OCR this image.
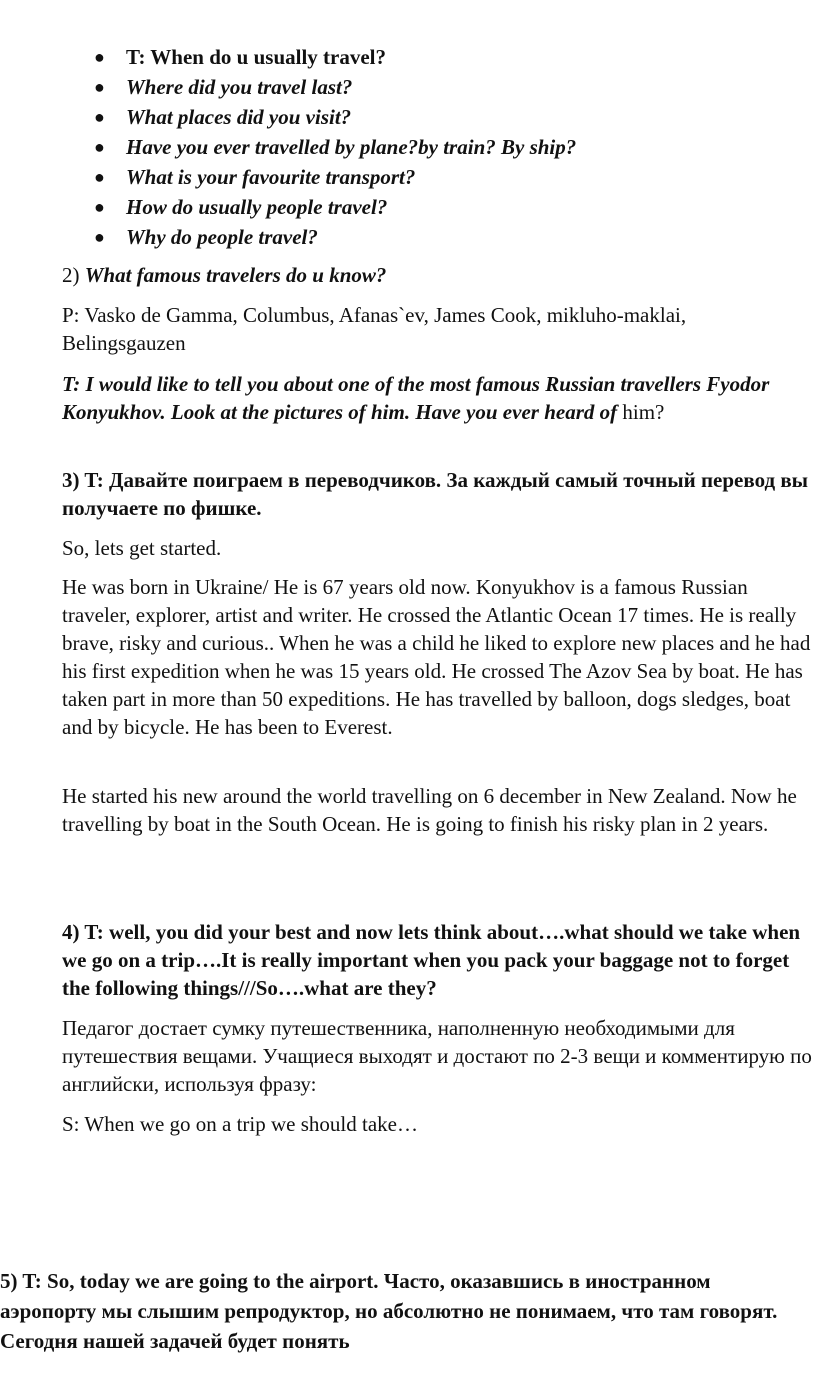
● T: When do u usually travel?
● Where did you travel last?
● What places did you visit?
● Have you ever travelled by plane?by train? By ship?
● What is your favourite transport?
● How do usually people travel?
● Why do people travel?
2) What famous travelers do u know?
P: Vasko de Gamma, Columbus, Afanas`ev, James Cook, mikluho-maklai, Belingsgauzen
T: I would like to tell you about one of the most famous Russian travellers Fyodor Konyukhov. Look at the pictures of him. Have you ever heard of him?
3) T: Давайте поиграем в переводчиков. За каждый самый точный перевод вы получаете по фишке.
So, lets get started.
He was born in Ukraine/ He is 67 years old now. Konyukhov is a famous Russian traveler, explorer, artist and writer. He crossed the Atlantic Ocean 17 times. He is really brave, risky and curious.. When he was a child he liked to explore new places and he had his first expedition when he was 15 years old. He crossed The Azov Sea by boat. He has taken part in more than 50 expeditions. He has travelled by balloon, dogs sledges, boat and by bicycle. He has been to Everest.
He started his new around the world travelling on 6 december in New Zealand. Now he travelling by boat in the South Ocean. He is going to finish his risky plan in 2 years.
4) T: well, you did your best and now lets think about….what should we take when we go on a trip….It is really important when you pack your baggage not to forget the following things///So….what are they?
Педагог достает сумку путешественника, наполненную необходимыми для путешествия вещами. Учащиеся выходят и достают по 2-3 вещи и комментирую по английски, используя фразу:
S: When we go on a trip we should take…
5) T: So, today we are going to the airport. Часто, оказавшись в иностранном аэропорту мы слышим репродуктор, но абсолютно не понимаем, что там говорят. Сегодня нашей задачей будет понять
